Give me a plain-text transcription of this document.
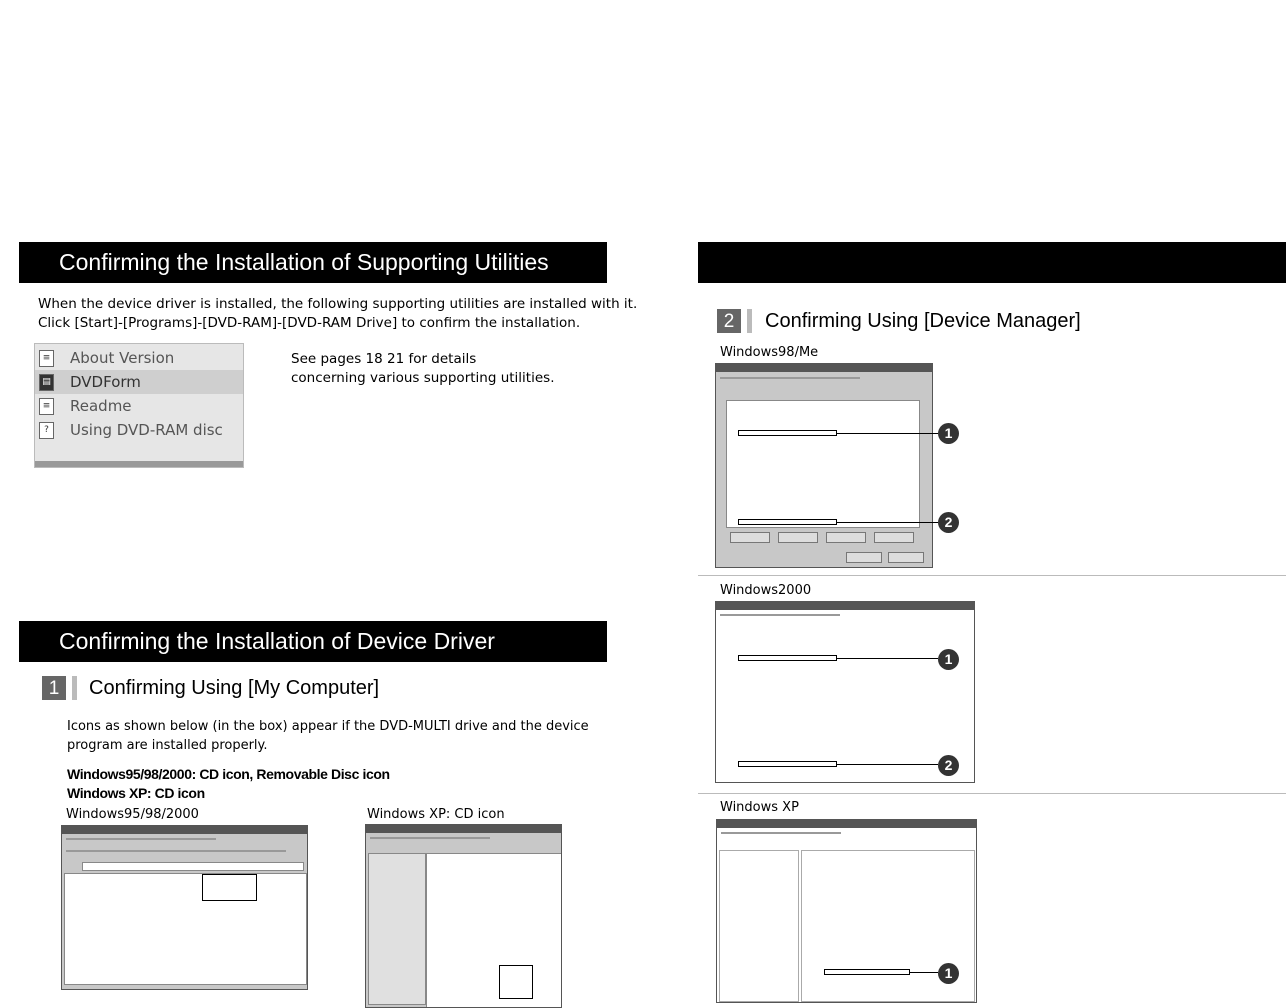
Confirming the Installation of Supporting Utilities
When the device driver is installed, the following supporting utilities are installed with it.
Click [Start]-[Programs]-[DVD-RAM]-[DVD-RAM Drive] to confirm the installation.
≡ About Version
▤ DVDForm
≡ Readme
?	Using DVD-RAM disc
See pages 18 21 for details
concerning various supporting utilities.
Confirming the Installation of Device Driver
1	Confirming Using [My Computer]
Icons as shown below (in the box) appear if the DVD-MULTI drive and the device
program are installed properly.
Windows95/98/2000: CD icon, Removable Disc icon
Windows XP: CD icon
Windows95/98/2000	Windows XP: CD icon
2	Confirming Using [Device Manager]
Windows98/Me
1
2
Windows2000
1
2
Windows XP
1
